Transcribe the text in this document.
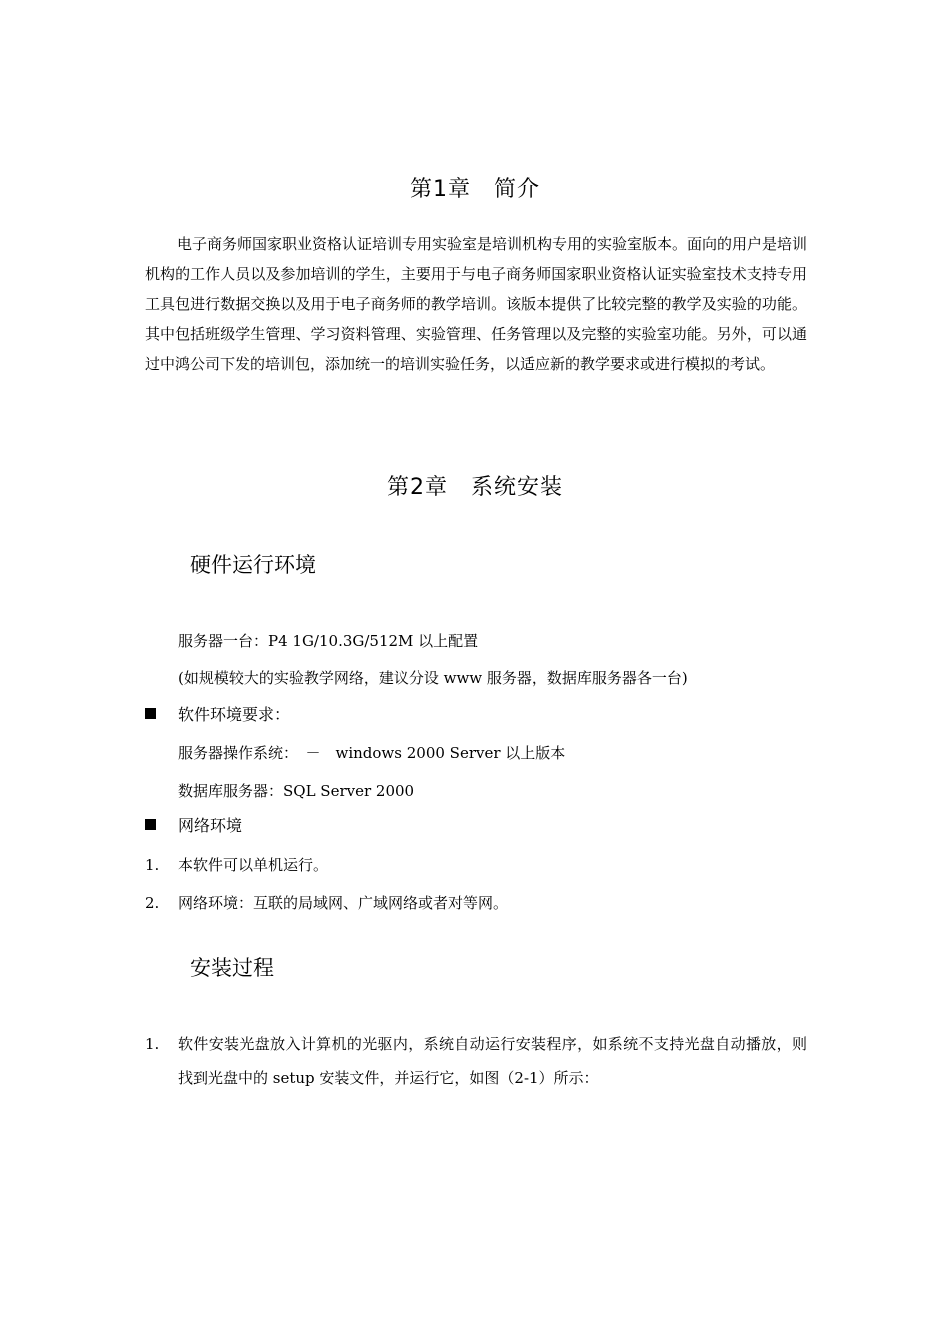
第1章　简介
电子商务师国家职业资格认证培训专用实验室是培训机构专用的实验室版本。面向的用户是培训机构的工作人员以及参加培训的学生，主要用于与电子商务师国家职业资格认证实验室技术支持专用工具包进行数据交换以及用于电子商务师的教学培训。该版本提供了比较完整的教学及实验的功能。其中包括班级学生管理、学习资料管理、实验管理、任务管理以及完整的实验室功能。另外，可以通过中鸿公司下发的培训包，添加统一的培训实验任务，以适应新的教学要求或进行模拟的考试。
第2章　系统安装
硬件运行环境
服务器一台：P4 1G/10.3G/512M 以上配置
(如规模较大的实验教学网络，建议分设 www 服务器，数据库服务器各一台)
软件环境要求：
服务器操作系统：　－　windows 2000 Server 以上版本
数据库服务器：SQL Server 2000
网络环境
1. 本软件可以单机运行。
2. 网络环境：互联的局域网、广域网络或者对等网。
安装过程
1. 软件安装光盘放入计算机的光驱内，系统自动运行安装程序，如系统不支持光盘自动播放，则找到光盘中的 setup 安装文件，并运行它，如图（2-1）所示：
